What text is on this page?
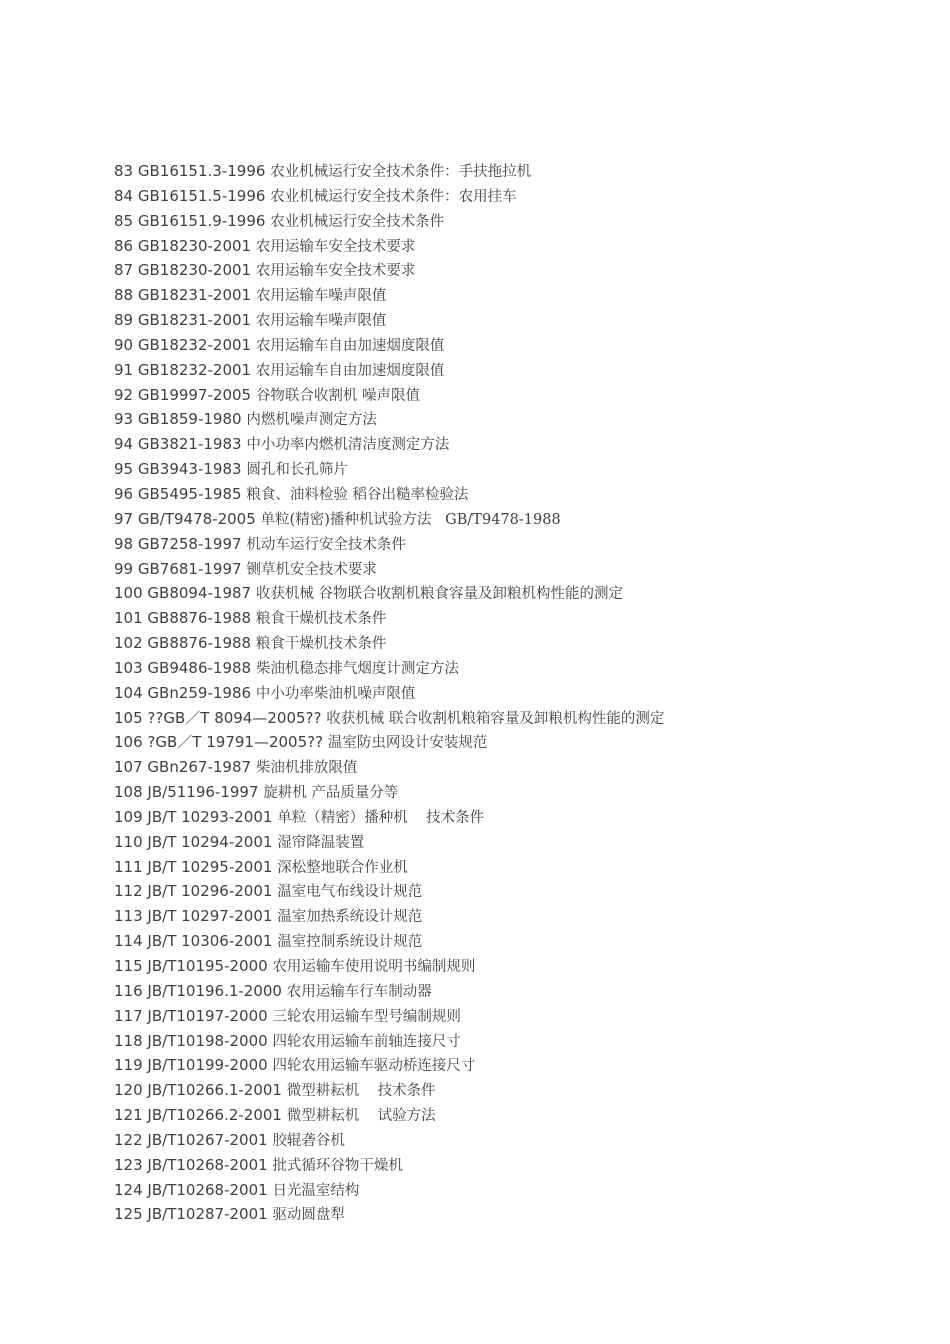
83 GB16151.3-1996 农业机械运行安全技术条件：手扶拖拉机
84 GB16151.5-1996 农业机械运行安全技术条件：农用挂车
85 GB16151.9-1996 农业机械运行安全技术条件
86 GB18230-2001 农用运输车安全技术要求
87 GB18230-2001 农用运输车安全技术要求
88 GB18231-2001 农用运输车噪声限值
89 GB18231-2001 农用运输车噪声限值
90 GB18232-2001 农用运输车自由加速烟度限值
91 GB18232-2001 农用运输车自由加速烟度限值
92 GB19997-2005 谷物联合收割机 噪声限值
93 GB1859-1980 内燃机噪声测定方法
94 GB3821-1983 中小功率内燃机清洁度测定方法
95 GB3943-1983 圆孔和长孔筛片
96 GB5495-1985 粮食、油料检验 稻谷出糙率检验法
97 GB/T9478-2005 单粒(精密)播种机试验方法   GB/T9478-1988
98 GB7258-1997 机动车运行安全技术条件
99 GB7681-1997 铡草机安全技术要求
100 GB8094-1987 收获机械 谷物联合收割机粮食容量及卸粮机构性能的测定
101 GB8876-1988 粮食干燥机技术条件
102 GB8876-1988 粮食干燥机技术条件
103 GB9486-1988 柴油机稳态排气烟度计测定方法
104 GBn259-1986 中小功率柴油机噪声限值
105 ??GB／T 8094—2005?? 收获机械 联合收割机粮箱容量及卸粮机构性能的测定
106 ?GB／T 19791—2005?? 温室防虫网设计安装规范
107 GBn267-1987 柴油机排放限值
108 JB/51196-1997 旋耕机 产品质量分等
109 JB/T 10293-2001 单粒（精密）播种机    技术条件
110 JB/T 10294-2001 湿帘降温装置
111 JB/T 10295-2001 深松整地联合作业机
112 JB/T 10296-2001 温室电气布线设计规范
113 JB/T 10297-2001 温室加热系统设计规范
114 JB/T 10306-2001 温室控制系统设计规范
115 JB/T10195-2000 农用运输车使用说明书编制规则
116 JB/T10196.1-2000 农用运输车行车制动器
117 JB/T10197-2000 三轮农用运输车型号编制规则
118 JB/T10198-2000 四轮农用运输车前轴连接尺寸
119 JB/T10199-2000 四轮农用运输车驱动桥连接尺寸
120 JB/T10266.1-2001 微型耕耘机    技术条件
121 JB/T10266.2-2001 微型耕耘机    试验方法
122 JB/T10267-2001 胶辊砻谷机
123 JB/T10268-2001 批式循环谷物干燥机
124 JB/T10268-2001 日光温室结构
125 JB/T10287-2001 驱动圆盘犁
